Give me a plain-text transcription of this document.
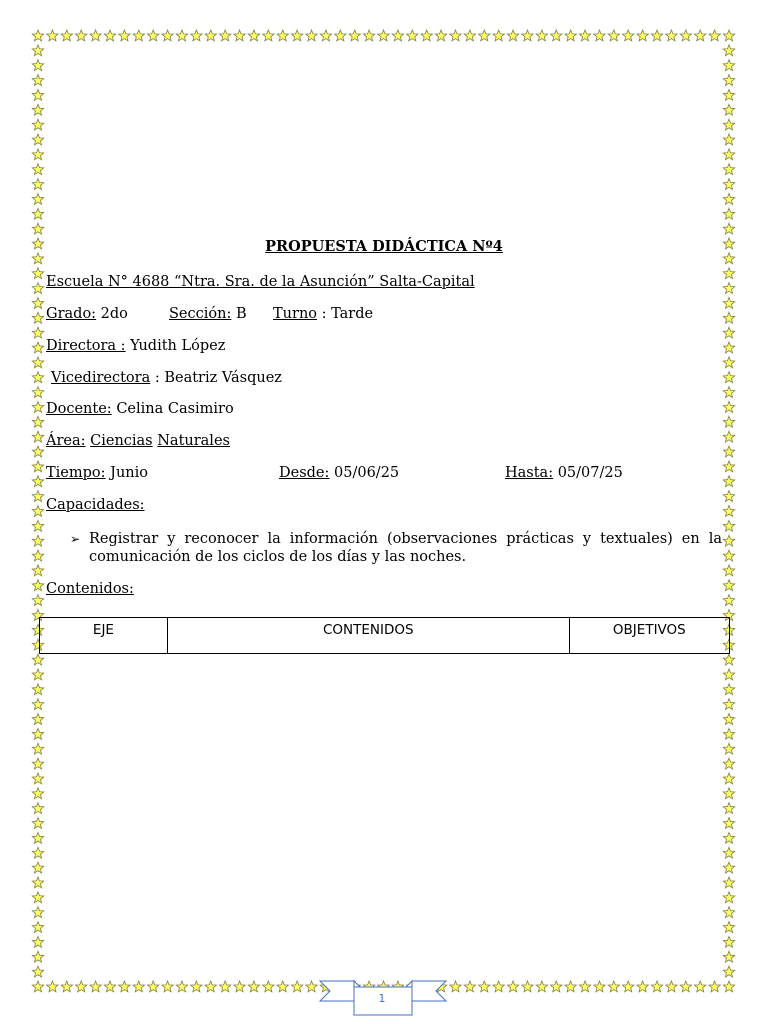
PROPUESTA DIDÁCTICA Nº4
Escuela N° 4688 “Ntra. Sra. de la Asunción” Salta-Capital
Grado: 2do	Sección: B Turno : Tarde
Directora : Yudith López
Vicedirectora : Beatriz Vásquez
Docente: Celina Casimiro
Área: Ciencias Naturales
Tiempo: Junio	Desde: 05/06/25	Hasta: 05/07/25
Capacidades:
➢ Registrar y reconocer la información (observaciones prácticas y textuales) en la comunicación de los ciclos de los días y las noches.
Contenidos:
EJE	CONTENIDOS	OBJETIVOS
1
